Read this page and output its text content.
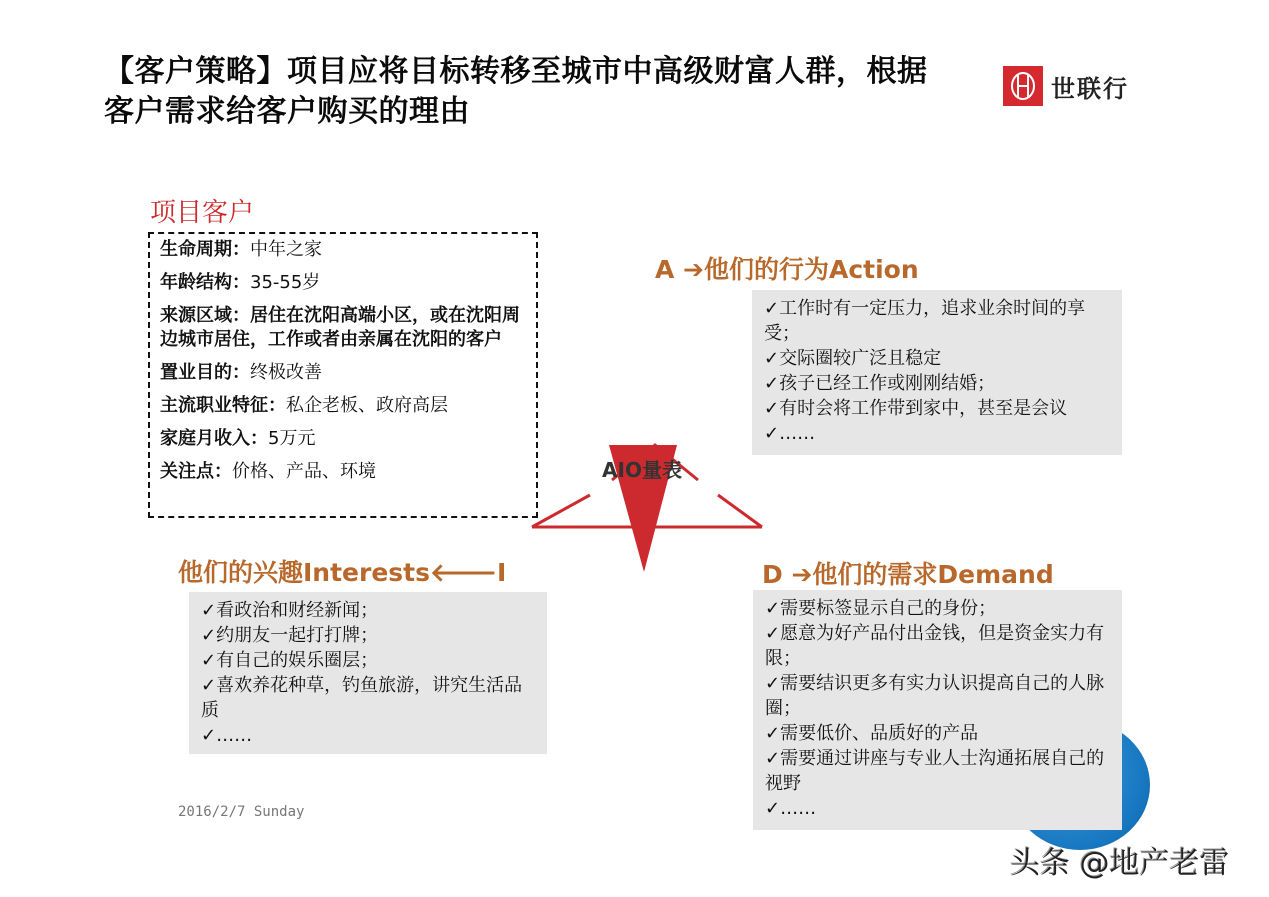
【客户策略】项目应将目标转移至城市中高级财富人群，根据
客户需求给客户购买的理由
世联行
项目客户
生命周期：中年之家
年龄结构：35-55岁
来源区域：居住在沈阳高端小区，或在沈阳周边城市居住，工作或者由亲属在沈阳的客户
置业目的：终极改善
主流职业特征：私企老板、政府高层
家庭月收入：5万元
关注点：价格、产品、环境	AIO量表
A ➔他们的行为Action
✓工作时有一定压力，追求业余时间的享受；
✓交际圈较广泛且稳定
✓孩子已经工作或刚刚结婚；
✓有时会将工作带到家中，甚至是会议
✓……
他们的兴趣Interests🡐I
✓看政治和财经新闻；
✓约朋友一起打打牌；
✓有自己的娱乐圈层；
✓喜欢养花种草，钓鱼旅游，讲究生活品质
✓……
D ➔他们的需求Demand
✓需要标签显示自己的身份；
✓愿意为好产品付出金钱，但是资金实力有限；
✓需要结识更多有实力认识提高自己的人脉圈；
✓需要低价、品质好的产品
✓需要通过讲座与专业人士沟通拓展自己的视野
✓……
2016/2/7 Sunday
头条 @地产老雷
